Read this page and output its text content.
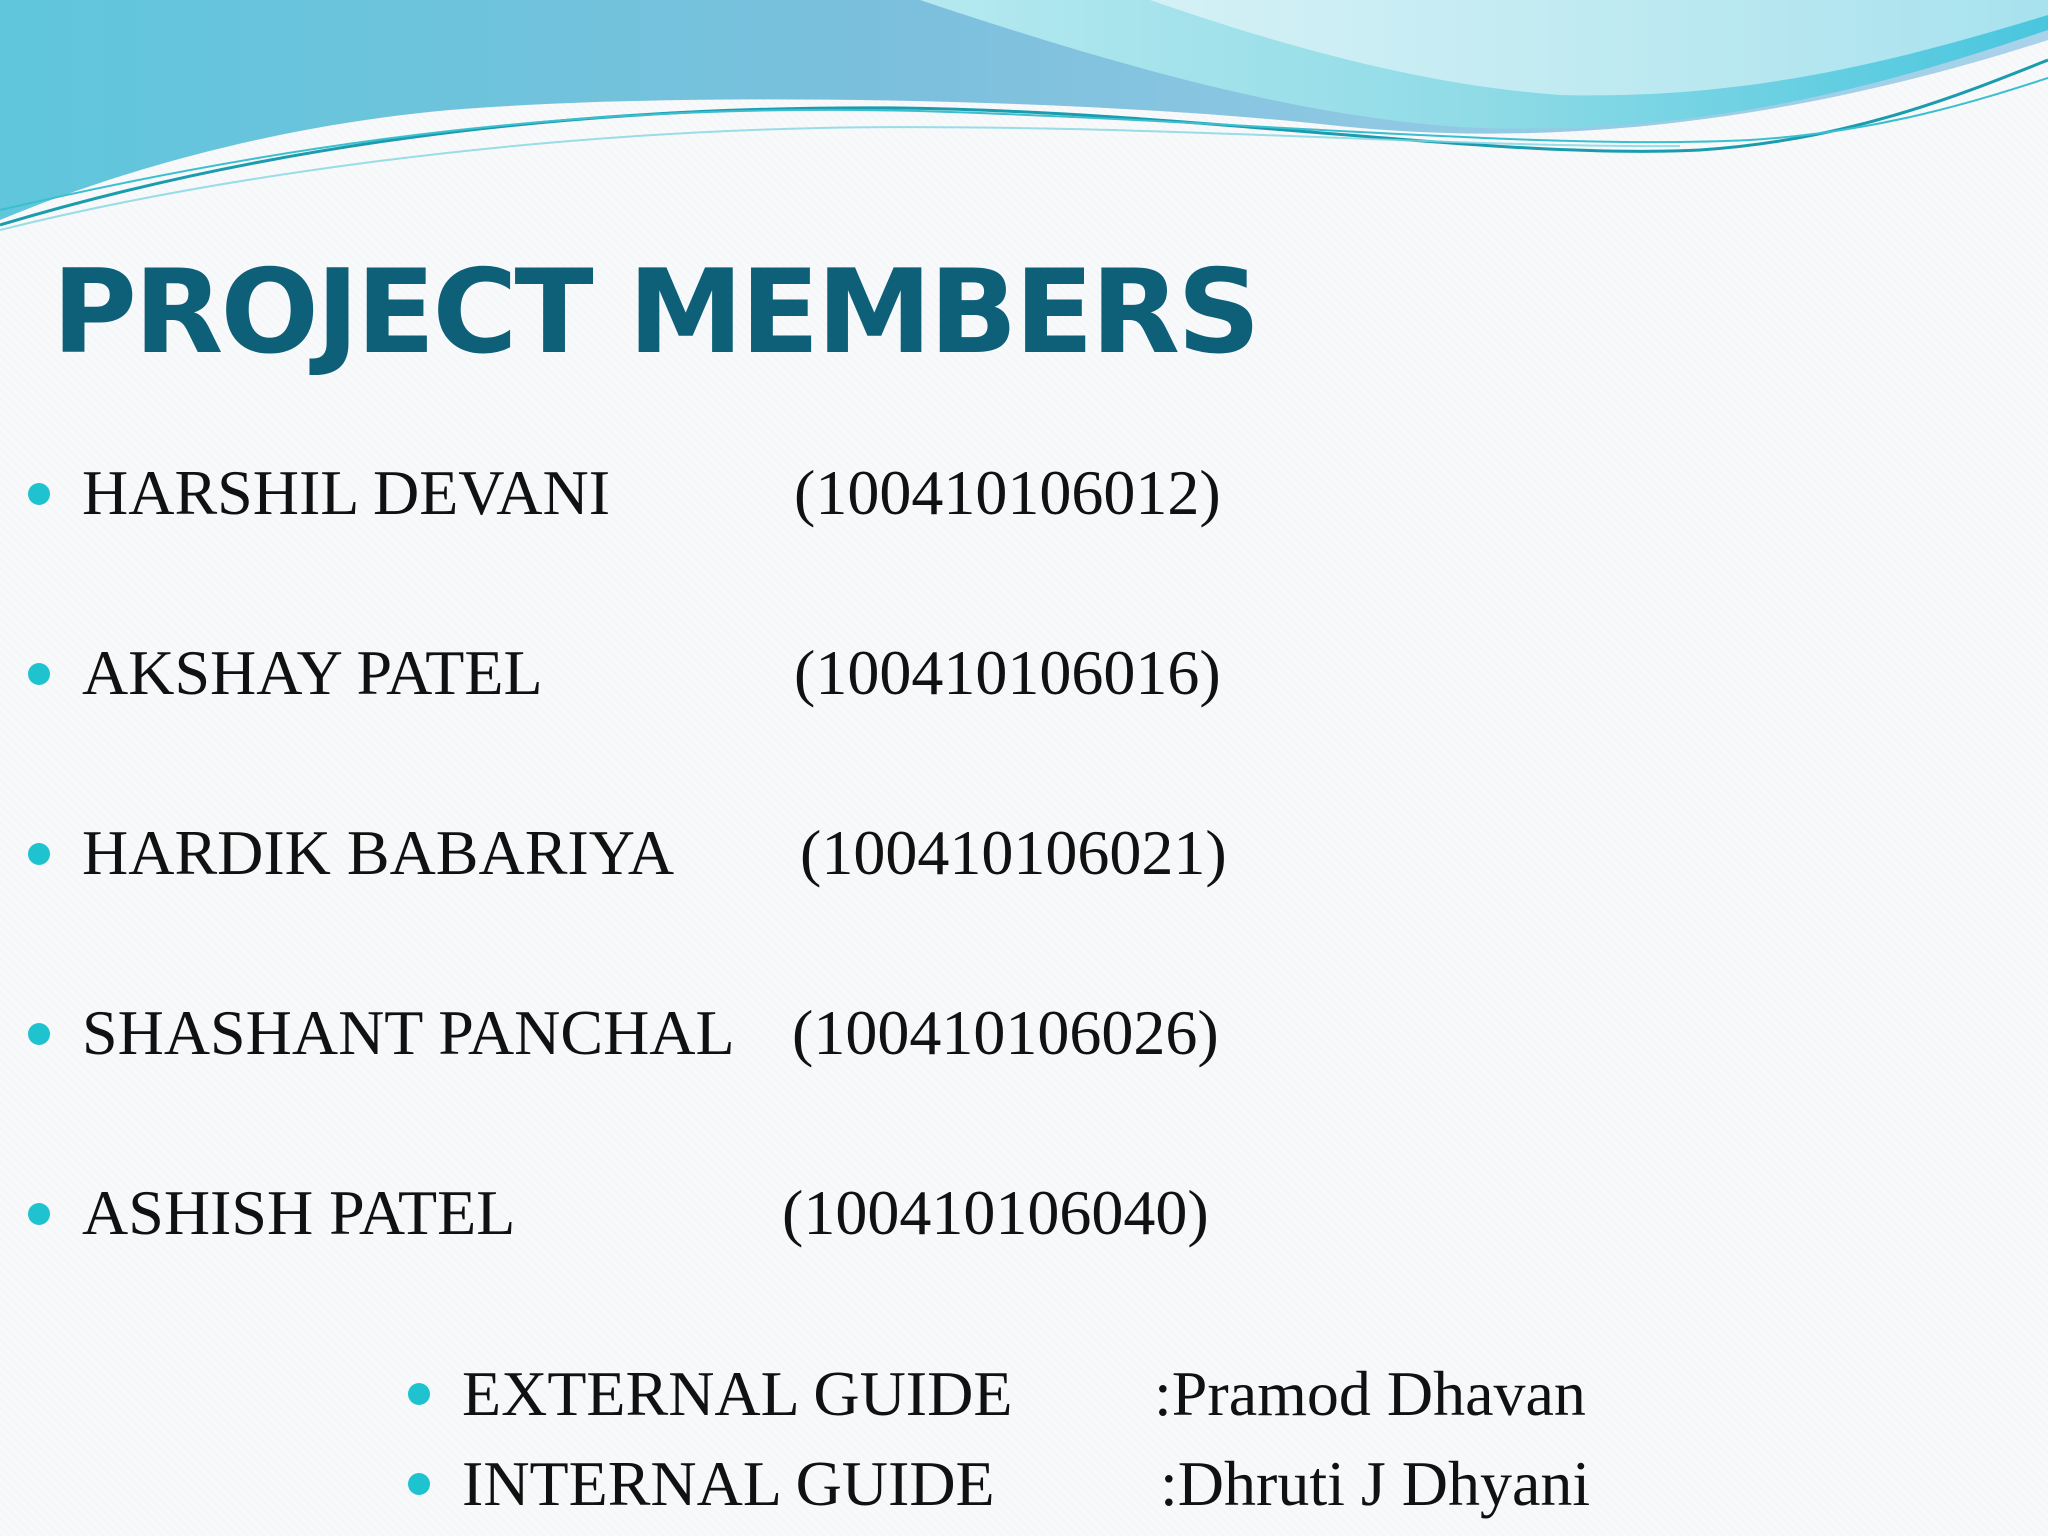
PROJECT MEMBERS
HARSHIL DEVANI	(100410106012)
AKSHAY PATEL	(100410106016)
HARDIK BABARIYA (100410106021)
SHASHANT PANCHAL (100410106026)
ASHISH PATEL	(100410106040)
EXTERNAL GUIDE :Pramod Dhavan
INTERNAL GUIDE	:Dhruti J Dhyani
